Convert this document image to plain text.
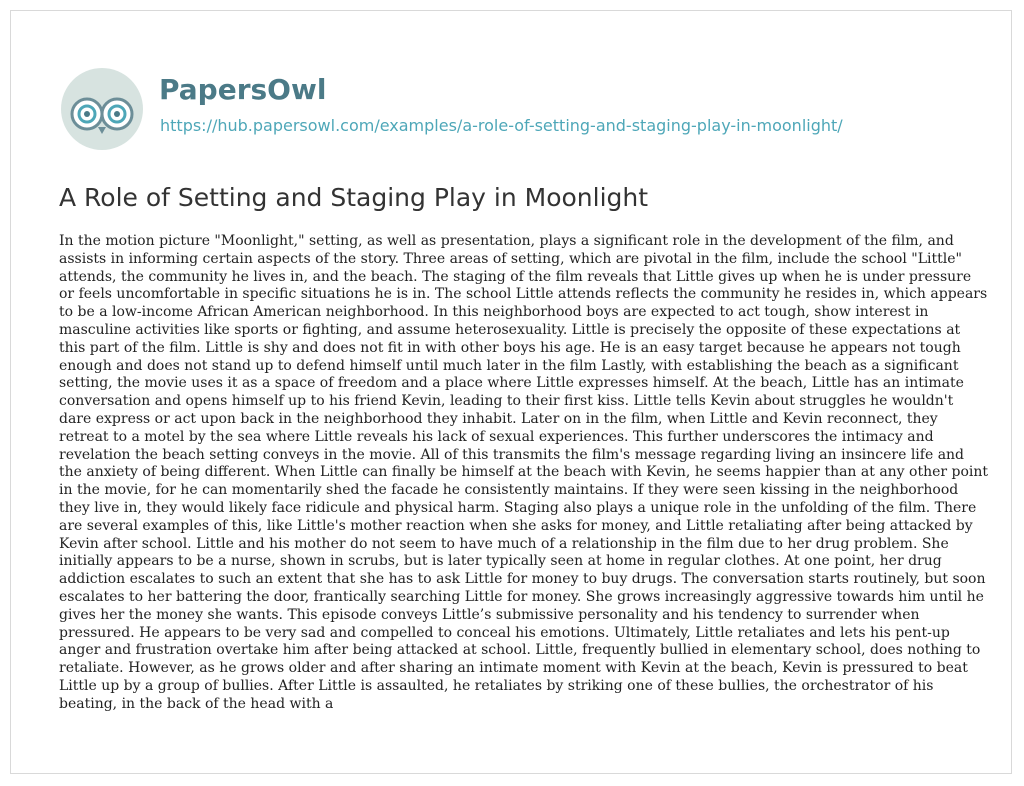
PapersOwl
https://hub.papersowl.com/examples/a-role-of-setting-and-staging-play-in-moonlight/
A Role of Setting and Staging Play in Moonlight

In the motion picture "Moonlight," setting, as well as presentation, plays a significant role in the development of the film, and assists in informing certain aspects of the story. Three areas of setting, which are pivotal in the film, include the school "Little" attends, the community he lives in, and the beach. The staging of the film reveals that Little gives up when he is under pressure or feels uncomfortable in specific situations he is in. The school Little attends reflects the community he resides in, which appears to be a low-income African American neighborhood. In this neighborhood boys are expected to act tough, show interest in masculine activities like sports or fighting, and assume heterosexuality. Little is precisely the opposite of these expectations at this part of the film. Little is shy and does not fit in with other boys his age. He is an easy target because he appears not tough enough and does not stand up to defend himself until much later in the film Lastly, with establishing the beach as a significant setting, the movie uses it as a space of freedom and a place where Little expresses himself. At the beach, Little has an intimate conversation and opens himself up to his friend Kevin, leading to their first kiss. Little tells Kevin about struggles he wouldn't dare express or act upon back in the neighborhood they inhabit. Later on in the film, when Little and Kevin reconnect, they retreat to a motel by the sea where Little reveals his lack of sexual experiences. This further underscores the intimacy and revelation the beach setting conveys in the movie. All of this transmits the film's message regarding living an insincere life and the anxiety of being different. When Little can finally be himself at the beach with Kevin, he seems happier than at any other point in the movie, for he can momentarily shed the facade he consistently maintains. If they were seen kissing in the neighborhood they live in, they would likely face ridicule and physical harm. Staging also plays a unique role in the unfolding of the film. There are several examples of this, like Little's mother reaction when she asks for money, and Little retaliating after being attacked by Kevin after school. Little and his mother do not seem to have much of a relationship in the film due to her drug problem. She initially appears to be a nurse, shown in scrubs, but is later typically seen at home in regular clothes. At one point, her drug addiction escalates to such an extent that she has to ask Little for money to buy drugs. The conversation starts routinely, but soon escalates to her battering the door, frantically searching Little for money. She grows increasingly aggressive towards him until he gives her the money she wants. This episode conveys Little’s submissive personality and his tendency to surrender when pressured. He appears to be very sad and compelled to conceal his emotions. Ultimately, Little retaliates and lets his pent-up anger and frustration overtake him after being attacked at school. Little, frequently bullied in elementary school, does nothing to retaliate. However, as he grows older and after sharing an intimate moment with Kevin at the beach, Kevin is pressured to beat Little up by a group of bullies. After Little is assaulted, he retaliates by striking one of these bullies, the orchestrator of his beating, in the back of the head with a
